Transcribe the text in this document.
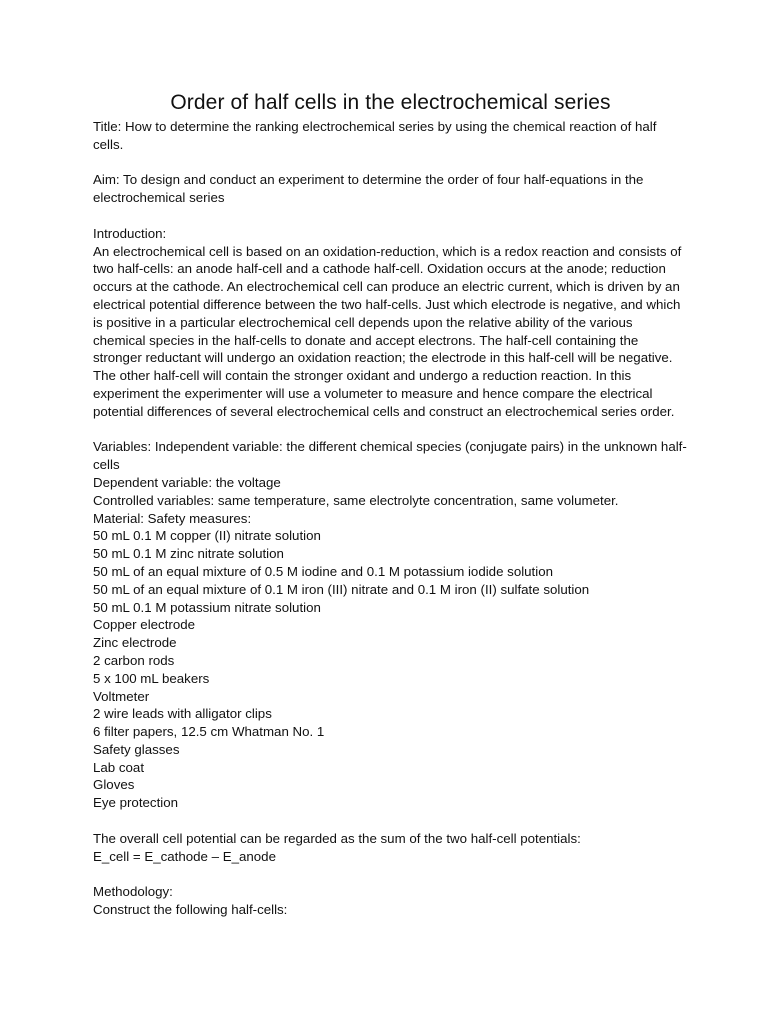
Order of half cells in the electrochemical series

Title: How to determine the ranking electrochemical series by using the chemical reaction of half cells.

Aim: To design and conduct an experiment to determine the order of four half-equations in the electrochemical series

Introduction:

An electrochemical cell is based on an oxidation-reduction, which is a redox reaction and consists of two half-cells: an anode half-cell and a cathode half-cell. Oxidation occurs at the anode; reduction occurs at the cathode. An electrochemical cell can produce an electric current, which is driven by an electrical potential difference between the two half-cells. Just which electrode is negative, and which is positive in a particular electrochemical cell depends upon the relative ability of the various chemical species in the half-cells to donate and accept electrons. The half-cell containing the stronger reductant will undergo an oxidation reaction; the electrode in this half-cell will be negative. The other half-cell will contain the stronger oxidant and undergo a reduction reaction. In this experiment the experimenter will use a volumeter to measure and hence compare the electrical potential differences of several electrochemical cells and construct an electrochemical series order.

Variables: Independent variable: the different chemical species (conjugate pairs) in the unknown half-cells

Dependent variable: the voltage

Controlled variables: same temperature, same electrolyte concentration, same volumeter.

Material: Safety measures:

50 mL 0.1 M copper (II) nitrate solution

50 mL 0.1 M zinc nitrate solution

50 mL of an equal mixture of 0.5 M iodine and 0.1 M potassium iodide solution

50 mL of an equal mixture of 0.1 M iron (III) nitrate and 0.1 M iron (II) sulfate solution

50 mL 0.1 M potassium nitrate solution

Copper electrode

Zinc electrode

2 carbon rods

5 x 100 mL beakers

Voltmeter

2 wire leads with alligator clips

6 filter papers, 12.5 cm Whatman No. 1

Safety glasses

Lab coat

Gloves

Eye protection

The overall cell potential can be regarded as the sum of the two half-cell potentials:

E_cell = E_cathode – E_anode

Methodology:

Construct the following half-cells:
